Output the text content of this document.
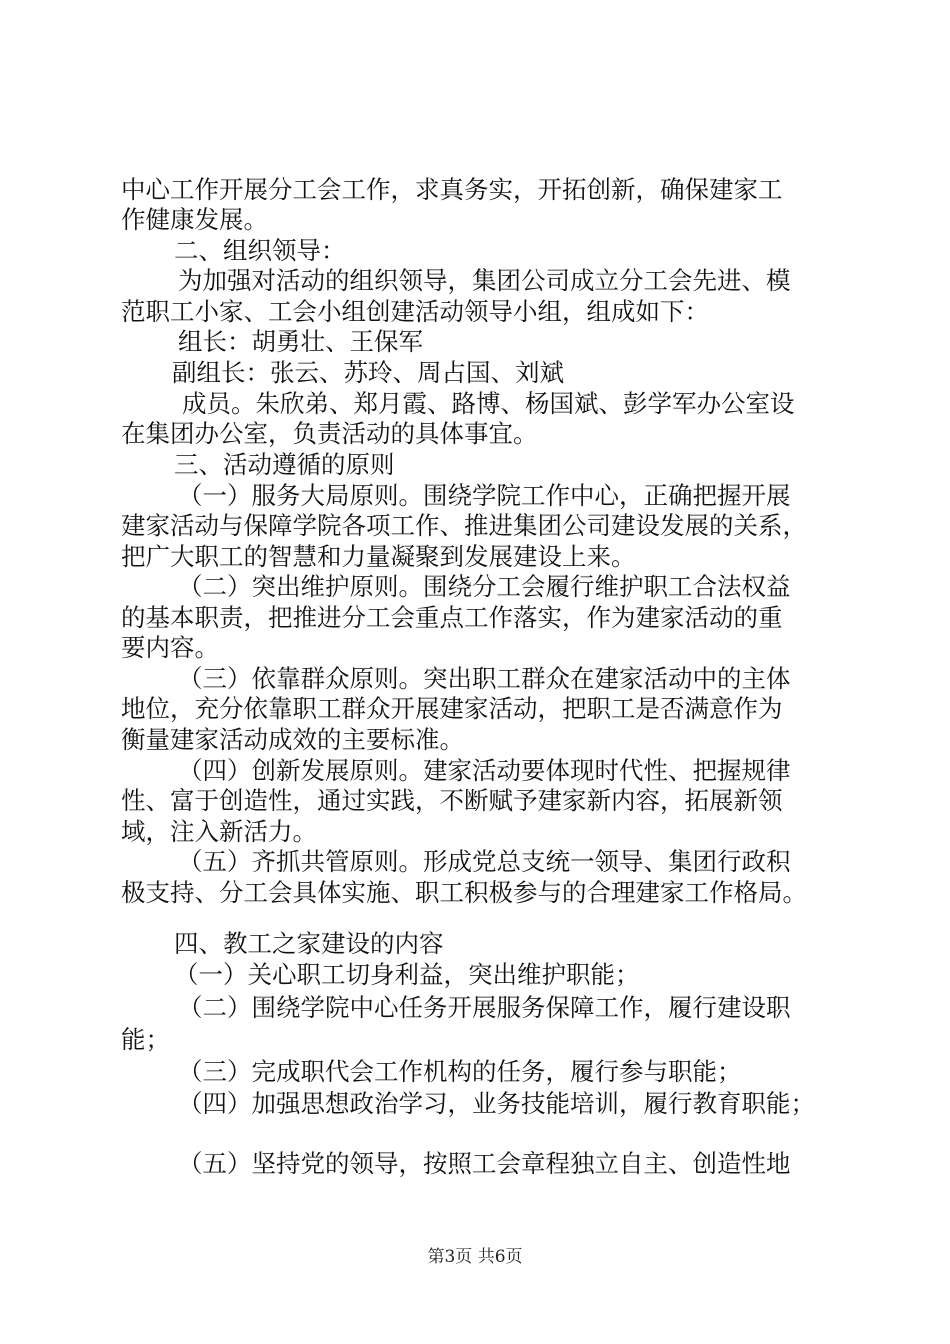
中心工作开展分工会工作，求真务实，开拓创新，确保建家工
作健康发展。
二、组织领导：
为加强对活动的组织领导，集团公司成立分工会先进、模
范职工小家、工会小组创建活动领导小组，组成如下：
组长：胡勇壮、王保军
副组长：张云、苏玲、周占国、刘斌
成员。朱欣弟、郑月霞、路博、杨国斌、彭学军办公室设
在集团办公室，负责活动的具体事宜。
三、活动遵循的原则
（一）服务大局原则。围绕学院工作中心，正确把握开展
建家活动与保障学院各项工作、推进集团公司建设发展的关系，
把广大职工的智慧和力量凝聚到发展建设上来。
（二）突出维护原则。围绕分工会履行维护职工合法权益
的基本职责，把推进分工会重点工作落实，作为建家活动的重
要内容。
（三）依靠群众原则。突出职工群众在建家活动中的主体
地位，充分依靠职工群众开展建家活动，把职工是否满意作为
衡量建家活动成效的主要标准。
（四）创新发展原则。建家活动要体现时代性、把握规律
性、富于创造性，通过实践，不断赋予建家新内容，拓展新领
域，注入新活力。
（五）齐抓共管原则。形成党总支统一领导、集团行政积
极支持、分工会具体实施、职工积极参与的合理建家工作格局。
四、教工之家建设的内容
（一）关心职工切身利益，突出维护职能；
（二）围绕学院中心任务开展服务保障工作，履行建设职
能；
（三）完成职代会工作机构的任务，履行参与职能；
（四）加强思想政治学习，业务技能培训，履行教育职能；
（五）坚持党的领导，按照工会章程独立自主、创造性地
第3页 共6页
